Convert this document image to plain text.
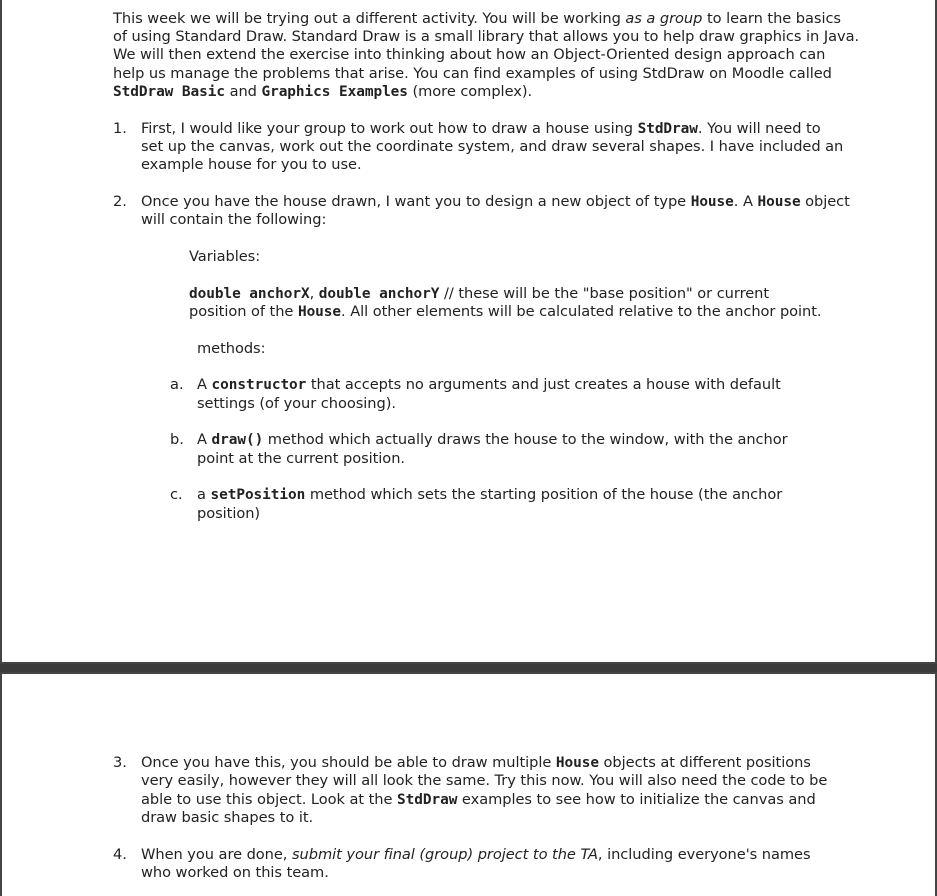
This week we will be trying out a different activity. You will be working as a group to learn the basics
of using Standard Draw. Standard Draw is a small library that allows you to help draw graphics in Java.
We will then extend the exercise into thinking about how an Object-Oriented design approach can
help us manage the problems that arise. You can find examples of using StdDraw on Moodle called
StdDraw Basic and Graphics Examples (more complex).
1. First, I would like your group to work out how to draw a house using StdDraw. You will need to
set up the canvas, work out the coordinate system, and draw several shapes. I have included an
example house for you to use.
2. Once you have the house drawn, I want you to design a new object of type House. A House object
will contain the following:
Variables:
double anchorX, double anchorY // these will be the "base position" or current
position of the House. All other elements will be calculated relative to the anchor point.
methods:
a. A constructor that accepts no arguments and just creates a house with default
settings (of your choosing).
b. A draw() method which actually draws the house to the window, with the anchor
point at the current position.
c. a setPosition method which sets the starting position of the house (the anchor
position)
3. Once you have this, you should be able to draw multiple House objects at different positions
very easily, however they will all look the same. Try this now. You will also need the code to be
able to use this object. Look at the StdDraw examples to see how to initialize the canvas and
draw basic shapes to it.
4. When you are done, submit your final (group) project to the TA, including everyone's names
who worked on this team.
